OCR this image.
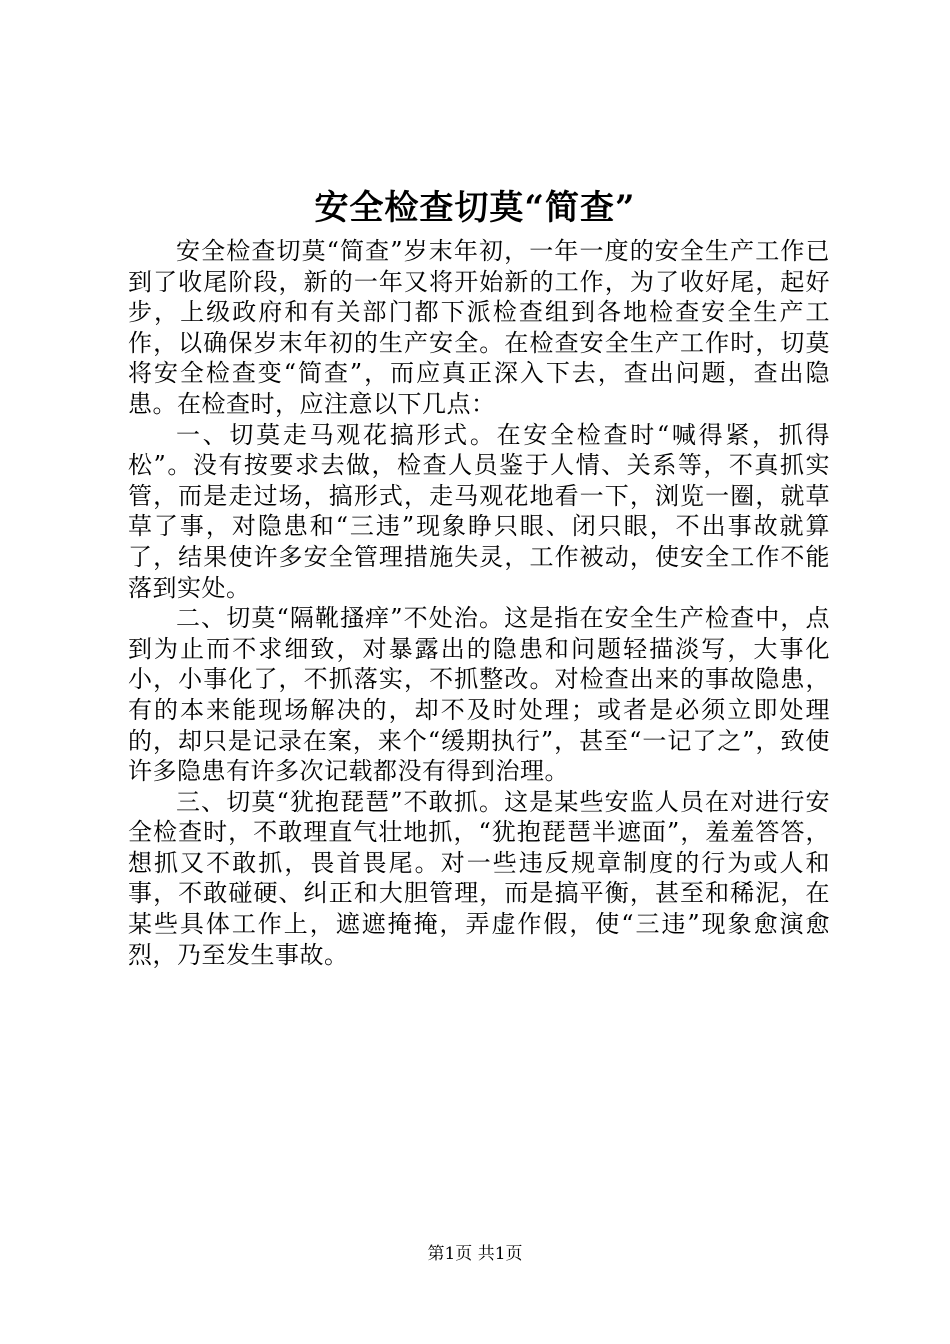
安全检查切莫“简查”

安全检查切莫“简查”岁末年初，一年一度的安全生产工作已到了收尾阶段，新的一年又将开始新的工作，为了收好尾，起好步，上级政府和有关部门都下派检查组到各地检查安全生产工作，以确保岁末年初的生产安全。在检查安全生产工作时，切莫将安全检查变“简查”，而应真正深入下去，查出问题，查出隐患。在检查时，应注意以下几点：

一、切莫走马观花搞形式。在安全检查时“喊得紧，抓得松”。没有按要求去做，检查人员鉴于人情、关系等，不真抓实管，而是走过场，搞形式，走马观花地看一下，浏览一圈，就草草了事，对隐患和“三违”现象睁只眼、闭只眼，不出事故就算了，结果使许多安全管理措施失灵，工作被动，使安全工作不能落到实处。

二、切莫“隔靴搔痒”不处治。这是指在安全生产检查中，点到为止而不求细致，对暴露出的隐患和问题轻描淡写，大事化小，小事化了，不抓落实，不抓整改。对检查出来的事故隐患，有的本来能现场解决的，却不及时处理；或者是必须立即处理的，却只是记录在案，来个“缓期执行”，甚至“一记了之”，致使许多隐患有许多次记载都没有得到治理。

三、切莫“犹抱琵琶”不敢抓。这是某些安监人员在对进行安全检查时，不敢理直气壮地抓，“犹抱琵琶半遮面”，羞羞答答，想抓又不敢抓，畏首畏尾。对一些违反规章制度的行为或人和事，不敢碰硬、纠正和大胆管理，而是搞平衡，甚至和稀泥，在某些具体工作上，遮遮掩掩，弄虚作假，使“三违”现象愈演愈烈，乃至发生事故。

第1页 共1页
